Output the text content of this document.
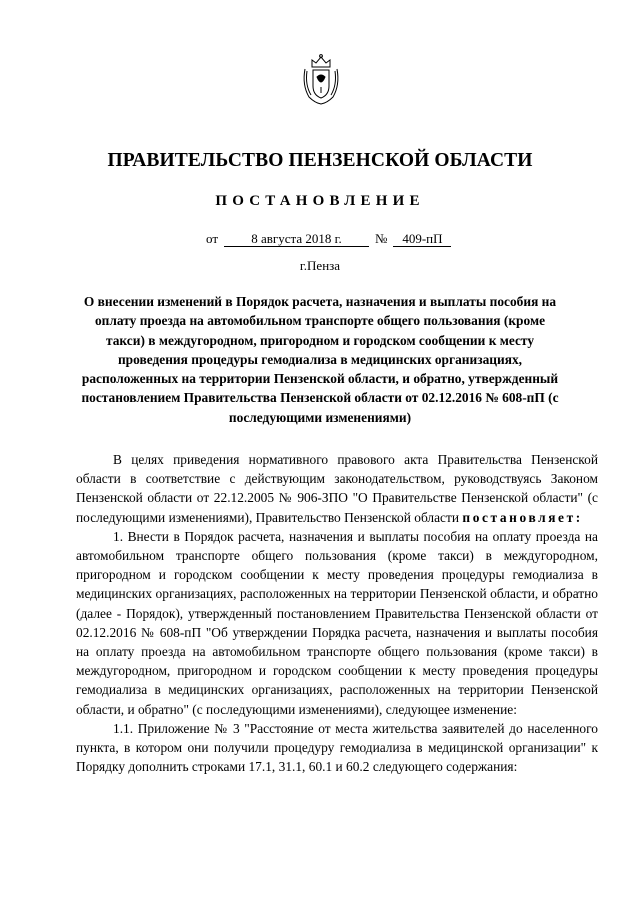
ПРАВИТЕЛЬСТВО ПЕНЗЕНСКОЙ ОБЛАСТИ
ПОСТАНОВЛЕНИЕ
от	8 августа 2018 г.	№	409-пП
г.Пенза
О внесении изменений в Порядок расчета, назначения и выплаты пособия на оплату проезда на автомобильном транспорте общего пользования (кроме такси) в междугородном, пригородном и городском сообщении к месту проведения процедуры гемодиализа в медицинских организациях, расположенных на территории Пензенской области, и обратно, утвержденный постановлением Правительства Пензенской области от 02.12.2016 № 608-пП (с последующими изменениями)

В целях приведения нормативного правового акта Правительства Пензенской области в соответствие с действующим законодательством, руководствуясь Законом Пензенской области от 22.12.2005 № 906-ЗПО "О Правительстве Пензенской области" (с последующими изменениями), Правительство Пензенской области постановляет:

1. Внести в Порядок расчета, назначения и выплаты пособия на оплату проезда на автомобильном транспорте общего пользования (кроме такси) в междугородном, пригородном и городском сообщении к месту проведения процедуры гемодиализа в медицинских организациях, расположенных на территории Пензенской области, и обратно (далее - Порядок), утвержденный постановлением Правительства Пензенской области от 02.12.2016 № 608-пП "Об утверждении Порядка расчета, назначения и выплаты пособия на оплату проезда на автомобильном транспорте общего пользования (кроме такси) в междугородном, пригородном и городском сообщении к месту проведения процедуры гемодиализа в медицинских организациях, расположенных на территории Пензенской области, и обратно" (с последующими изменениями), следующее изменение:

1.1. Приложение № 3 "Расстояние от места жительства заявителей до населенного пункта, в котором они получили процедуру гемодиализа в медицинской организации" к Порядку дополнить строками 17.1, 31.1, 60.1 и 60.2 следующего содержания:
